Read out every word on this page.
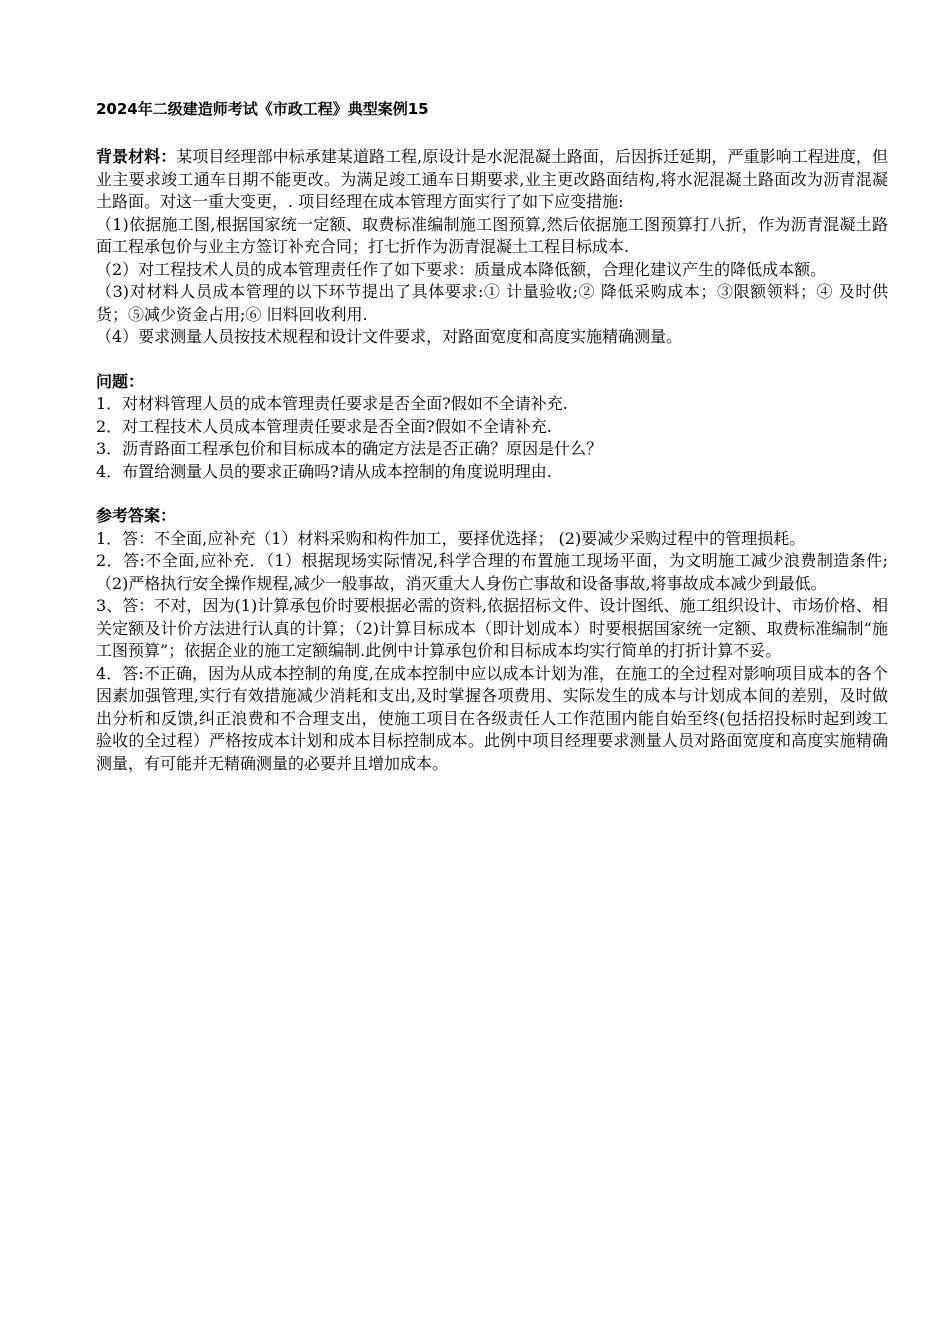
2024年二级建造师考试《市政工程》典型案例15

背景材料：某项目经理部中标承建某道路工程,原设计是水泥混凝土路面，后因拆迁延期，严重影响工程进度，但业主要求竣工通车日期不能更改。为满足竣工通车日期要求,业主更改路面结构,将水泥混凝土路面改为沥青混凝土路面。对这一重大变更，. 项目经理在成本管理方面实行了如下应变措施:

（1)依据施工图,根据国家统一定额、取费标准编制施工图预算,然后依据施工图预算打八折，作为沥青混凝土路面工程承包价与业主方签订补充合同；打七折作为沥青混凝土工程目标成本.

（2）对工程技术人员的成本管理责任作了如下要求：质量成本降低额，合理化建议产生的降低成本额。

（3)对材料人员成本管理的以下环节提出了具体要求:① 计量验收;② 降低采购成本；③限额领料；④ 及时供货；⑤减少资金占用;⑥ 旧料回收利用.

（4）要求测量人员按技术规程和设计文件要求，对路面宽度和高度实施精确测量。

问题：

1．对材料管理人员的成本管理责任要求是否全面?假如不全请补充.

2．对工程技术人员成本管理责任要求是否全面?假如不全请补充.

3．沥青路面工程承包价和目标成本的确定方法是否正确？原因是什么？

4．布置给测量人员的要求正确吗?请从成本控制的角度说明理由.

参考答案：

1．答：不全面,应补充（1）材料采购和构件加工，要择优选择； (2)要减少采购过程中的管理损耗。

2．答:不全面,应补充．（1）根据现场实际情况,科学合理的布置施工现场平面，为文明施工减少浪费制造条件;（2)严格执行安全操作规程,减少一般事故，消灭重大人身伤亡事故和设备事故,将事故成本减少到最低。

3、答：不对，因为(1)计算承包价时要根据必需的资料,依据招标文件、设计图纸、施工组织设计、市场价格、相关定额及计价方法进行认真的计算；（2)计算目标成本（即计划成本）时要根据国家统一定额、取费标准编制“施工图预算”；依据企业的施工定额编制.此例中计算承包价和目标成本均实行简单的打折计算不妥。

4．答:不正确，因为从成本控制的角度,在成本控制中应以成本计划为准，在施工的全过程对影响项目成本的各个因素加强管理,实行有效措施减少消耗和支出,及时掌握各项费用、实际发生的成本与计划成本间的差别，及时做出分析和反馈,纠正浪费和不合理支出，使施工项目在各级责任人工作范围内能自始至终(包括招投标时起到竣工验收的全过程）严格按成本计划和成本目标控制成本。此例中项目经理要求测量人员对路面宽度和高度实施精确测量，有可能并无精确测量的必要并且增加成本。
